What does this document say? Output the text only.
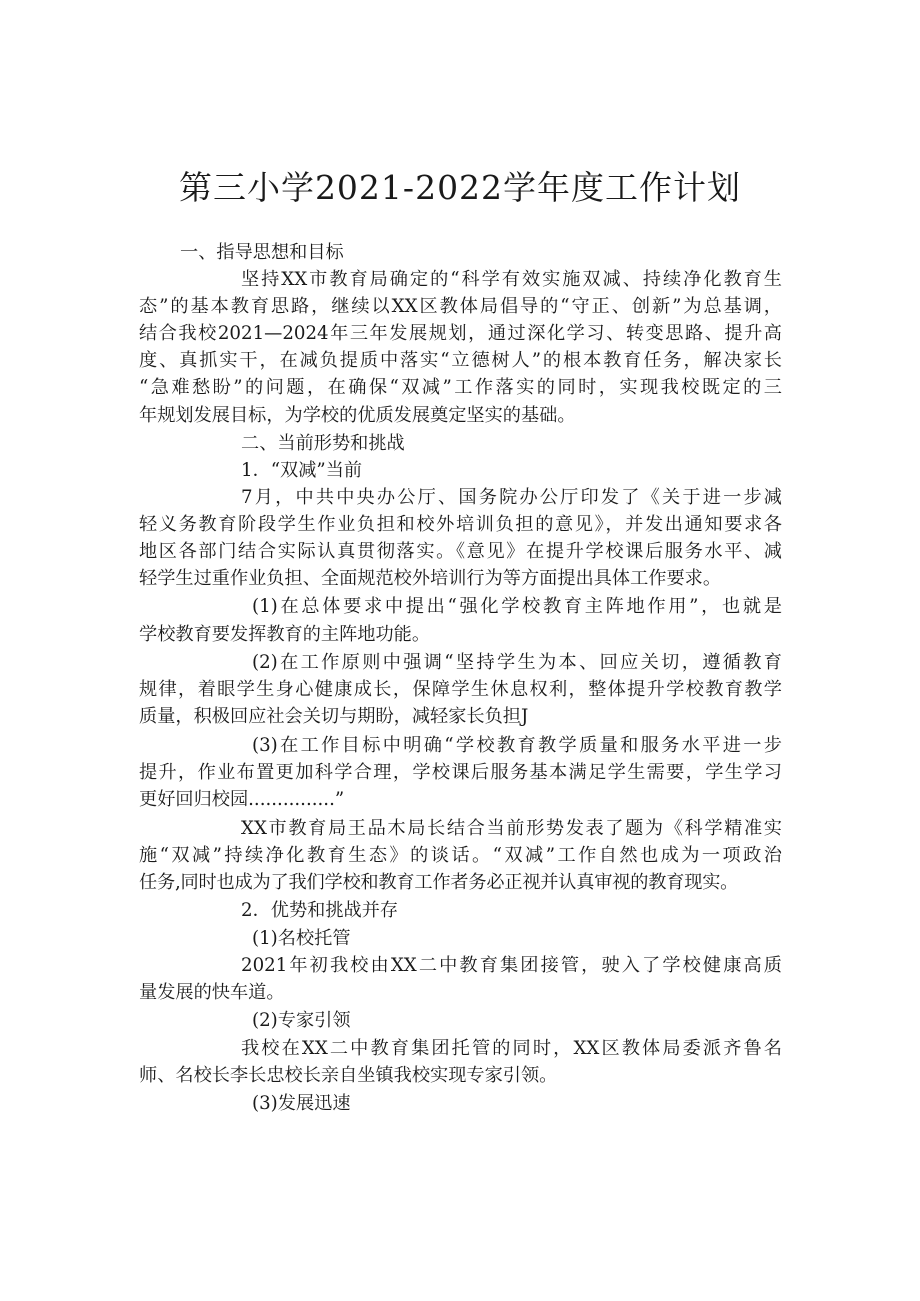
第三小学2021-2022学年度工作计划
一、指导思想和目标
坚持XX市教育局确定的“科学有效实施双减、持续净化教育生
态”的基本教育思路，继续以XX区教体局倡导的“守正、创新”为总基调，
结合我校2021—2024年三年发展规划，通过深化学习、转变思路、提升高
度、真抓实干，在减负提质中落实“立德树人”的根本教育任务，解决家长
“急难愁盼”的问题，在确保“双减”工作落实的同时，实现我校既定的三
年规划发展目标，为学校的优质发展奠定坚实的基础。
二、当前形势和挑战
1．“双减”当前
7月，中共中央办公厅、国务院办公厅印发了《关于进一步减
轻义务教育阶段学生作业负担和校外培训负担的意见》，并发出通知要求各
地区各部门结合实际认真贯彻落实。《意见》在提升学校课后服务水平、减
轻学生过重作业负担、全面规范校外培训行为等方面提出具体工作要求。
(1)在总体要求中提出“强化学校教育主阵地作用”，也就是
学校教育要发挥教育的主阵地功能。
(2)在工作原则中强调“坚持学生为本、回应关切，遵循教育
规律，着眼学生身心健康成长，保障学生休息权利，整体提升学校教育教学
质量，积极回应社会关切与期盼，减轻家长负担J
(3)在工作目标中明确“学校教育教学质量和服务水平进一步
提升，作业布置更加科学合理，学校课后服务基本满足学生需要，学生学习
更好回归校园...............”
XX市教育局王品木局长结合当前形势发表了题为《科学精准实
施“双减”持续净化教育生态》的谈话。“双减”工作自然也成为一项政治
任务,同时也成为了我们学校和教育工作者务必正视并认真审视的教育现实。
2．优势和挑战并存
(1)名校托管
2021年初我校由XX二中教育集团接管，驶入了学校健康高质
量发展的快车道。
(2)专家引领
我校在XX二中教育集团托管的同时，XX区教体局委派齐鲁名
师、名校长李长忠校长亲自坐镇我校实现专家引领。
(3)发展迅速
